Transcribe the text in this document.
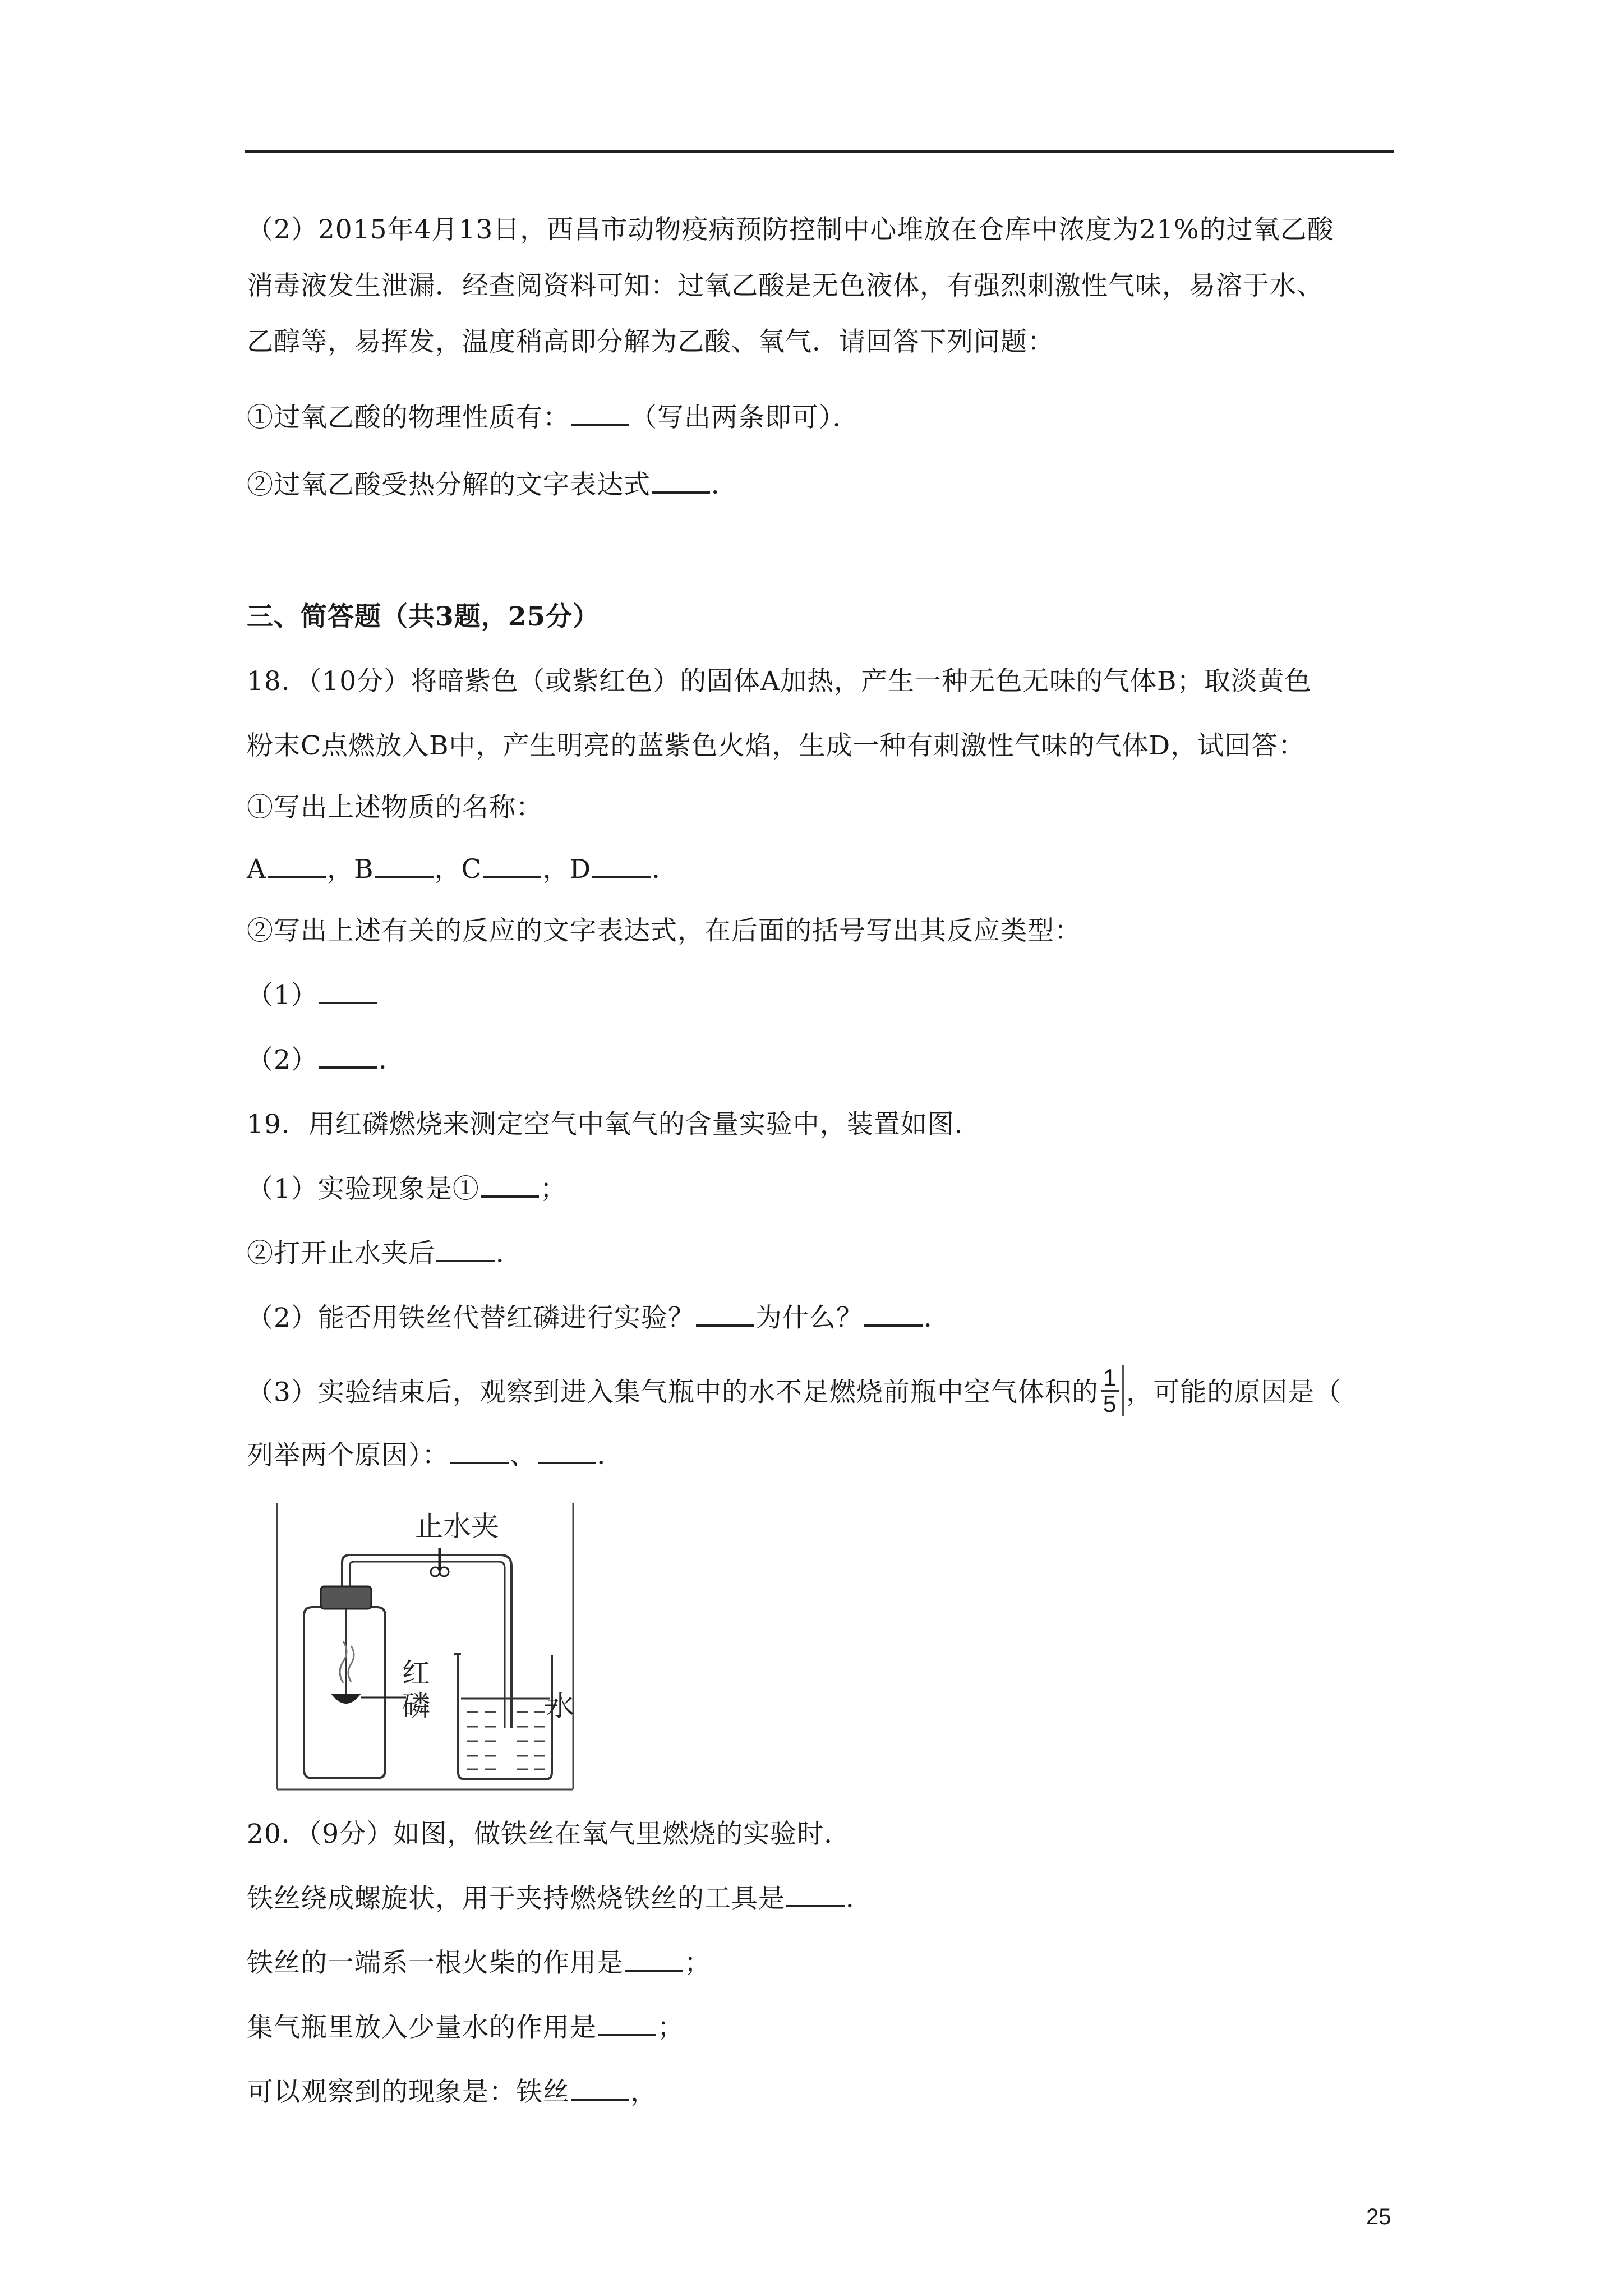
（2）2015年4月13日，西昌市动物疫病预防控制中心堆放在仓库中浓度为21%的过氧乙酸
消毒液发生泄漏．经查阅资料可知：过氧乙酸是无色液体，有强烈刺激性气味，易溶于水、
乙醇等，易挥发，温度稍高即分解为乙酸、氧气．请回答下列问题：
①过氧乙酸的物理性质有： （写出两条即可）．
②过氧乙酸受热分解的文字表达式 ．
三、简答题（共3题，25分）
18．（10分）将暗紫色（或紫红色）的固体A加热，产生一种无色无味的气体B；取淡黄色
粉末C点燃放入B中，产生明亮的蓝紫色火焰，生成一种有刺激性气味的气体D，试回答：
①写出上述物质的名称：
A ，B ，C ，D ．
②写出上述有关的反应的文字表达式，在后面的括号写出其反应类型：
（1）
（2） ．
19．用红磷燃烧来测定空气中氧气的含量实验中，装置如图．
（1）实验现象是① ；
②打开止水夹后 ．
（2）能否用铁丝代替红磷进行实验？ 为什么？ ．
（3）实验结束后，观察到进入集气瓶中的水不足燃烧前瓶中空气体积的 $\frac{1}{5}$ ，可能的原因是（
列举两个原因）： 、 ．
止水夹
红
磷	水
20．（9分）如图，做铁丝在氧气里燃烧的实验时．
铁丝绕成螺旋状，用于夹持燃烧铁丝的工具是 ．
铁丝的一端系一根火柴的作用是 ；
集气瓶里放入少量水的作用是 ；
可以观察到的现象是：铁丝 ，
25
